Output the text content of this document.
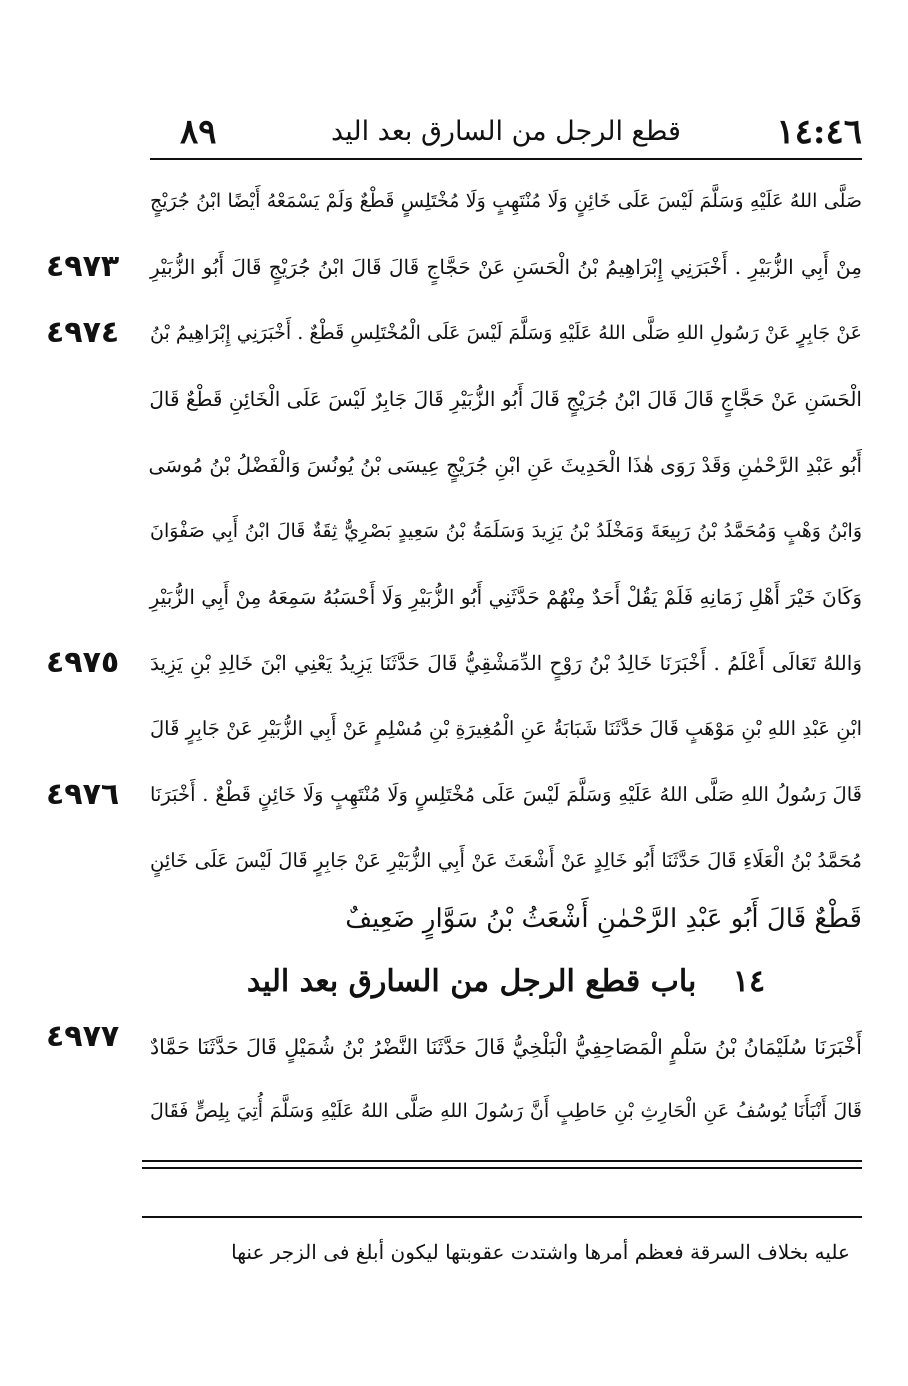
١٤:٤٦
قطع الرجل من السارق بعد اليد
٨٩
صَلَّى اللهُ عَلَيْهِ وَسَلَّمَ لَيْسَ عَلَى خَائِنٍ وَلَا مُنْتَهِبٍ وَلَا مُخْتَلِسٍ قَطْعٌ وَلَمْ يَسْمَعْهُ أَيْضًا ابْنُ جُرَيْجٍ
مِنْ أَبِي الزُّبَيْرِ . أَخْبَرَنِي إِبْرَاهِيمُ بْنُ الْحَسَنِ عَنْ حَجَّاجٍ قَالَ قَالَ ابْنُ جُرَيْجٍ قَالَ أَبُو الزُّبَيْرِ
عَنْ جَابِرٍ عَنْ رَسُولِ اللهِ صَلَّى اللهُ عَلَيْهِ وَسَلَّمَ لَيْسَ عَلَى الْمُخْتَلِسِ قَطْعٌ . أَخْبَرَنِي إِبْرَاهِيمُ بْنُ
الْحَسَنِ عَنْ حَجَّاجٍ قَالَ قَالَ ابْنُ جُرَيْجٍ قَالَ أَبُو الزُّبَيْرِ قَالَ جَابِرٌ لَيْسَ عَلَى الْخَائِنِ قَطْعٌ قَالَ
أَبُو عَبْدِ الرَّحْمٰنِ وَقَدْ رَوَى هٰذَا الْحَدِيثَ عَنِ ابْنِ جُرَيْجٍ عِيسَى بْنُ يُونُسَ وَالْفَضْلُ بْنُ مُوسَى
وَابْنُ وَهْبٍ وَمُحَمَّدُ بْنُ رَبِيعَةَ وَمَخْلَدُ بْنُ يَزِيدَ وَسَلَمَةُ بْنُ سَعِيدٍ بَصْرِيٌّ ثِقَةٌ قَالَ ابْنُ أَبِي صَفْوَانَ
وَكَانَ خَيْرَ أَهْلِ زَمَانِهِ فَلَمْ يَقُلْ أَحَدٌ مِنْهُمْ حَدَّثَنِي أَبُو الزُّبَيْرِ وَلَا أَحْسَبُهُ سَمِعَهُ مِنْ أَبِي الزُّبَيْرِ
وَاللهُ تَعَالَى أَعْلَمُ . أَخْبَرَنَا خَالِدُ بْنُ رَوْحٍ الدِّمَشْقِيُّ قَالَ حَدَّثَنَا يَزِيدُ يَعْنِي ابْنَ خَالِدِ بْنِ يَزِيدَ
ابْنِ عَبْدِ اللهِ بْنِ مَوْهَبٍ قَالَ حَدَّثَنَا شَبَابَةُ عَنِ الْمُغِيرَةِ بْنِ مُسْلِمٍ عَنْ أَبِي الزُّبَيْرِ عَنْ جَابِرٍ قَالَ
قَالَ رَسُولُ اللهِ صَلَّى اللهُ عَلَيْهِ وَسَلَّمَ لَيْسَ عَلَى مُخْتَلِسٍ وَلَا مُنْتَهِبٍ وَلَا خَائِنٍ قَطْعٌ . أَخْبَرَنَا
مُحَمَّدُ بْنُ الْعَلَاءِ قَالَ حَدَّثَنَا أَبُو خَالِدٍ عَنْ أَشْعَثَ عَنْ أَبِي الزُّبَيْرِ عَنْ جَابِرٍ قَالَ لَيْسَ عَلَى خَائِنٍ
قَطْعٌ قَالَ أَبُو عَبْدِ الرَّحْمٰنِ أَشْعَثُ بْنُ سَوَّارٍ ضَعِيفٌ
٤٩٧٣
٤٩٧٤
٤٩٧٥
٤٩٧٦
١٤ باب قطع الرجل من السارق بعد اليد
أَخْبَرَنَا سُلَيْمَانُ بْنُ سَلْمٍ الْمَصَاحِفِيُّ الْبَلْخِيُّ قَالَ حَدَّثَنَا النَّضْرُ بْنُ شُمَيْلٍ قَالَ حَدَّثَنَا حَمَّادٌ
قَالَ أَنْبَأَنَا يُوسُفُ عَنِ الْحَارِثِ بْنِ حَاطِبٍ أَنَّ رَسُولَ اللهِ صَلَّى اللهُ عَلَيْهِ وَسَلَّمَ أُتِيَ بِلِصٍّ فَقَالَ
٤٩٧٧
عليه بخلاف السرقة فعظم أمرها واشتدت عقوبتها ليكون أبلغ فى الزجر عنها
